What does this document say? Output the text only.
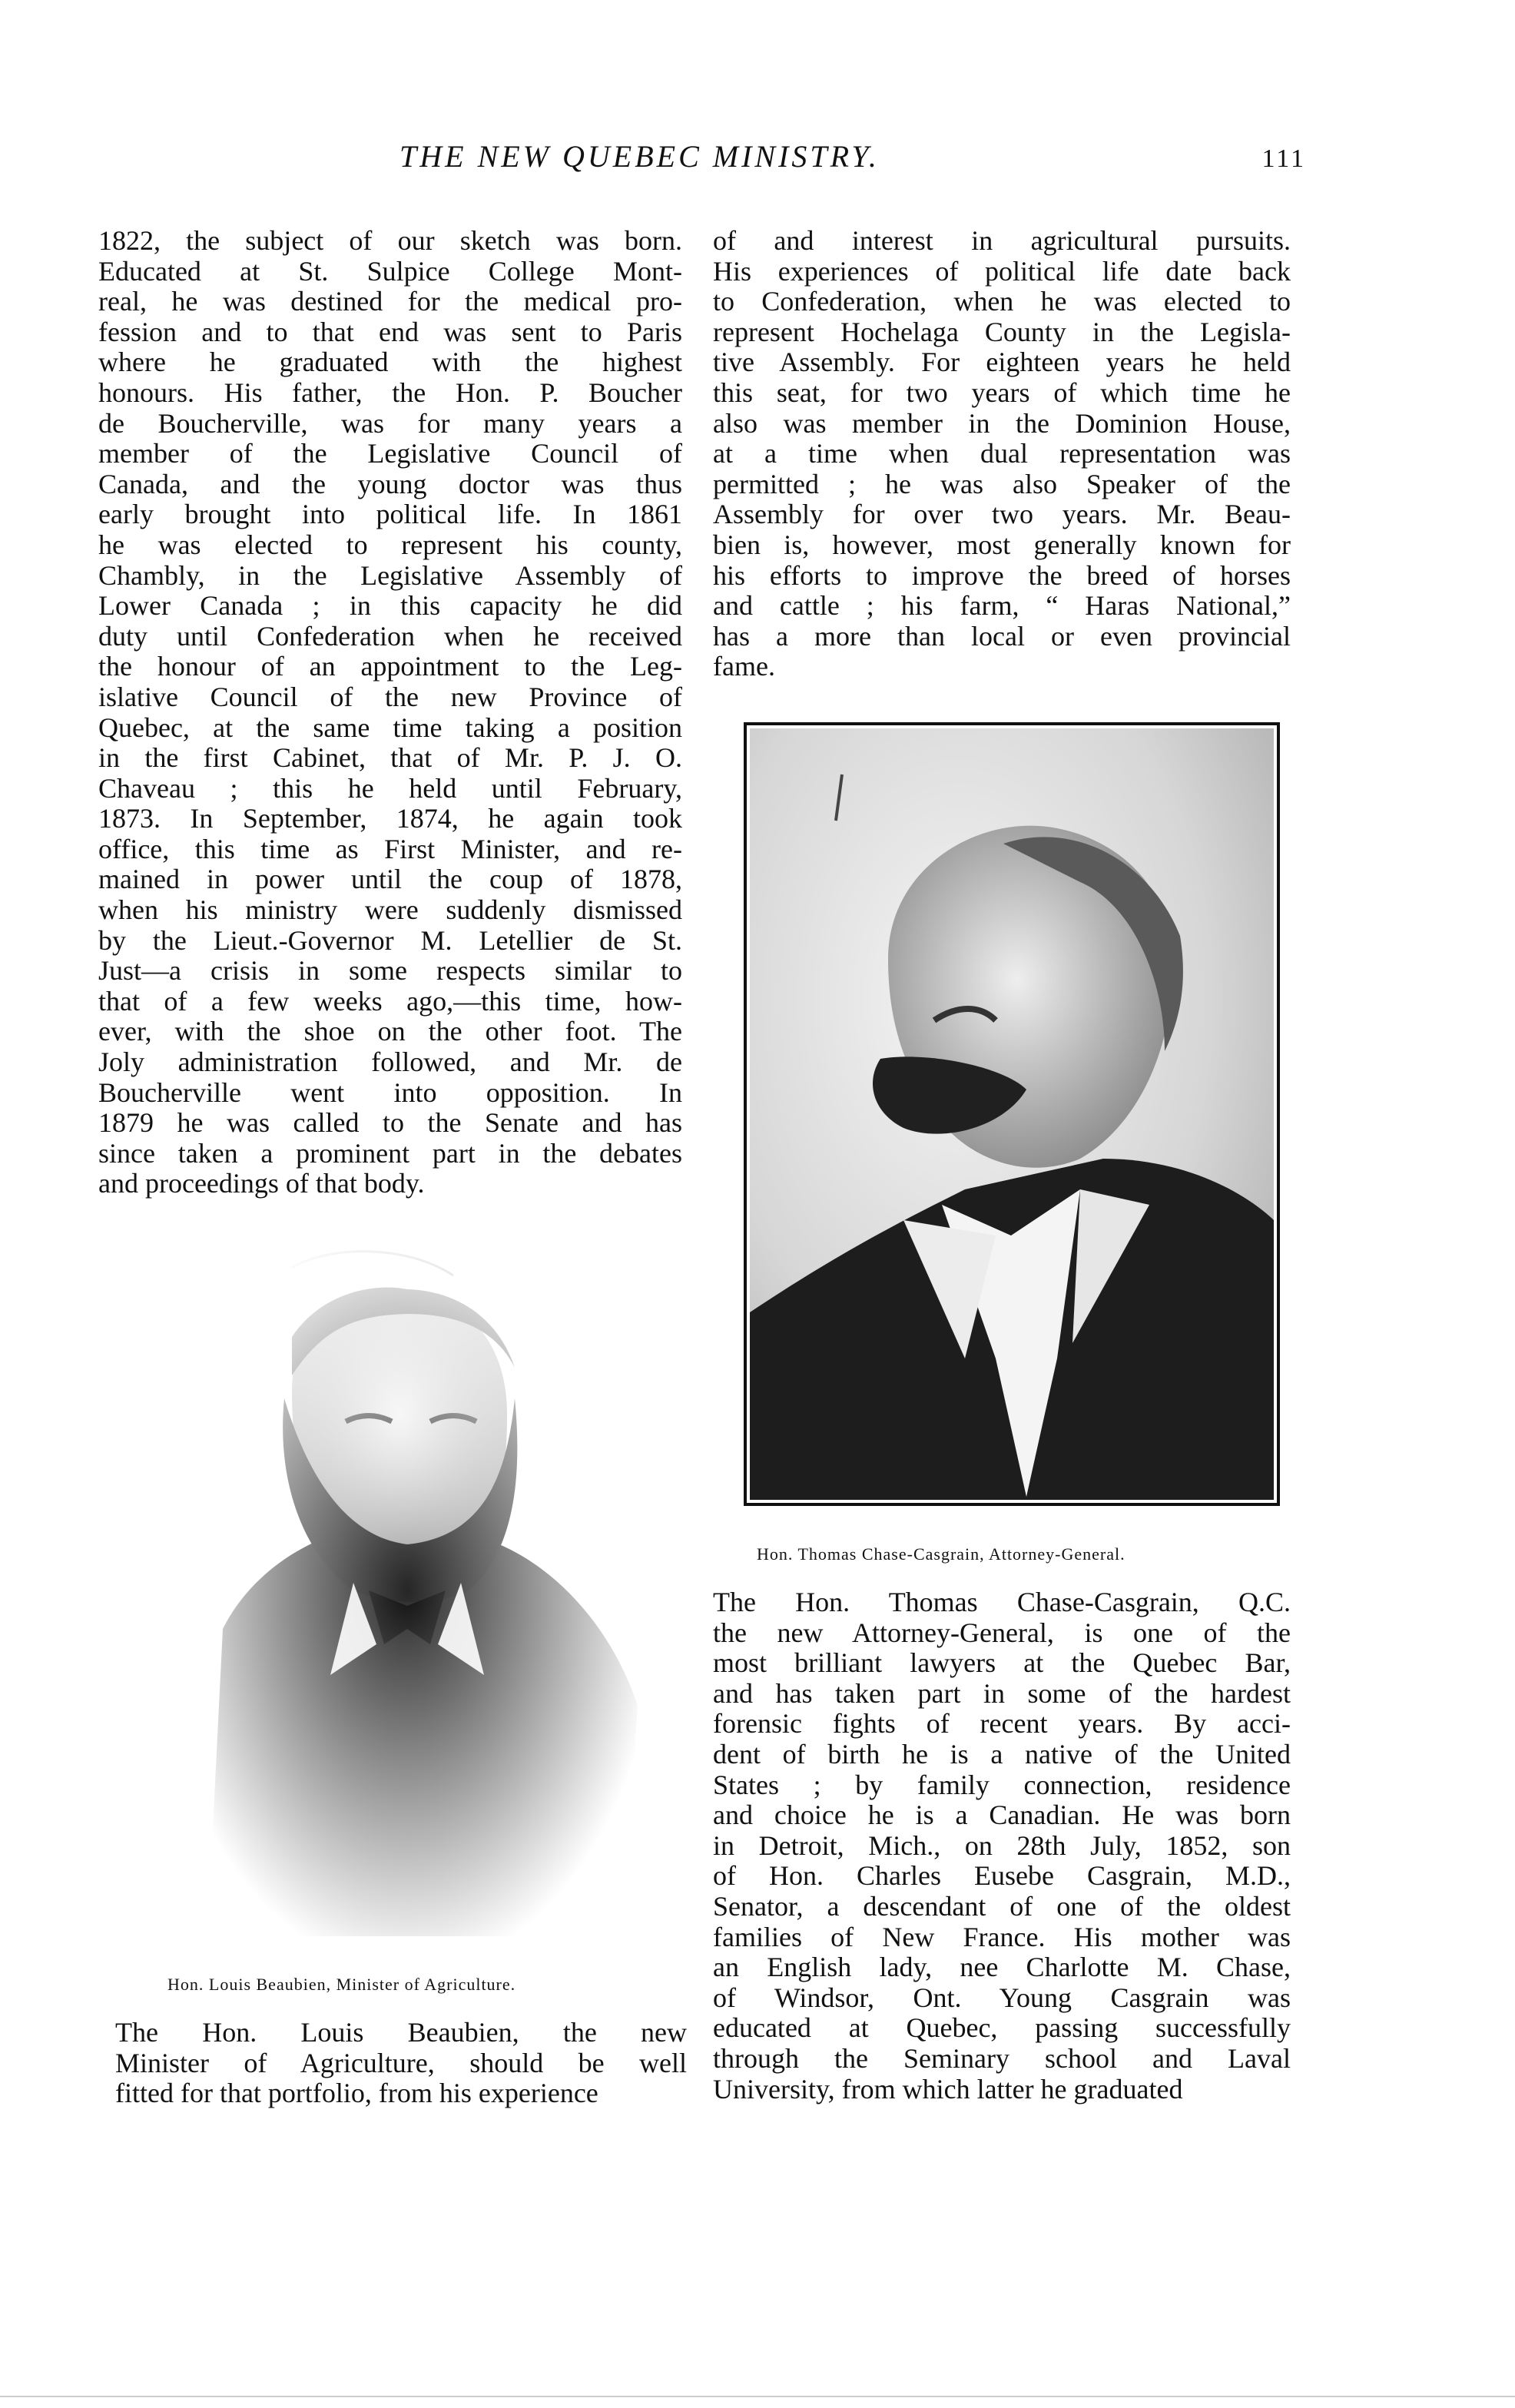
THE NEW QUEBEC MINISTRY.	111
1822, the subject of our sketch was born.
Educated at St. Sulpice College Mont-
real, he was destined for the medical pro-
fession and to that end was sent to Paris
where he graduated with the highest
honours. His father, the Hon. P. Boucher
de Boucherville, was for many years a
member of the Legislative Council of
Canada, and the young doctor was thus
early brought into political life. In 1861
he was elected to represent his county,
Chambly, in the Legislative Assembly of
Lower Canada ; in this capacity he did
duty until Confederation when he received
the honour of an appointment to the Leg-
islative Council of the new Province of
Quebec, at the same time taking a position
in the first Cabinet, that of Mr. P. J. O.
Chaveau ; this he held until February,
1873. In September, 1874, he again took
office, this time as First Minister, and re-
mained in power until the coup of 1878,
when his ministry were suddenly dismissed
by the Lieut.-Governor M. Letellier de St.
Just—a crisis in some respects similar to
that of a few weeks ago,—this time, how-
ever, with the shoe on the other foot. The
Joly administration followed, and Mr. de
Boucherville went into opposition. In
1879 he was called to the Senate and has
since taken a prominent part in the debates
and proceedings of that body.
of and interest in agricultural pursuits.
His experiences of political life date back
to Confederation, when he was elected to
represent Hochelaga County in the Legisla-
tive Assembly. For eighteen years he held
this seat, for two years of which time he
also was member in the Dominion House,
at a time when dual representation was
permitted ; he was also Speaker of the
Assembly for over two years. Mr. Beau-
bien is, however, most generally known for
his efforts to improve the breed of horses
and cattle ; his farm, “ Haras National,”
has a more than local or even provincial
fame.
Hon. Thomas Chase-Casgrain, Attorney-General.
The Hon. Thomas Chase-Casgrain, Q.C.
the new Attorney-General, is one of the
most brilliant lawyers at the Quebec Bar,
and has taken part in some of the hardest
forensic fights of recent years. By acci-
dent of birth he is a native of the United
States ; by family connection, residence
and choice he is a Canadian. He was born
in Detroit, Mich., on 28th July, 1852, son
of Hon. Charles Eusebe Casgrain, M.D.,
Senator, a descendant of one of the oldest
families of New France. His mother was
an English lady, nee Charlotte M. Chase,
of Windsor, Ont. Young Casgrain was
educated at Quebec, passing successfully
through the Seminary school and Laval
University, from which latter he graduated
Hon. Louis Beaubien, Minister of Agriculture.
The Hon. Louis Beaubien, the new
Minister of Agriculture, should be well
fitted for that portfolio, from his experience
